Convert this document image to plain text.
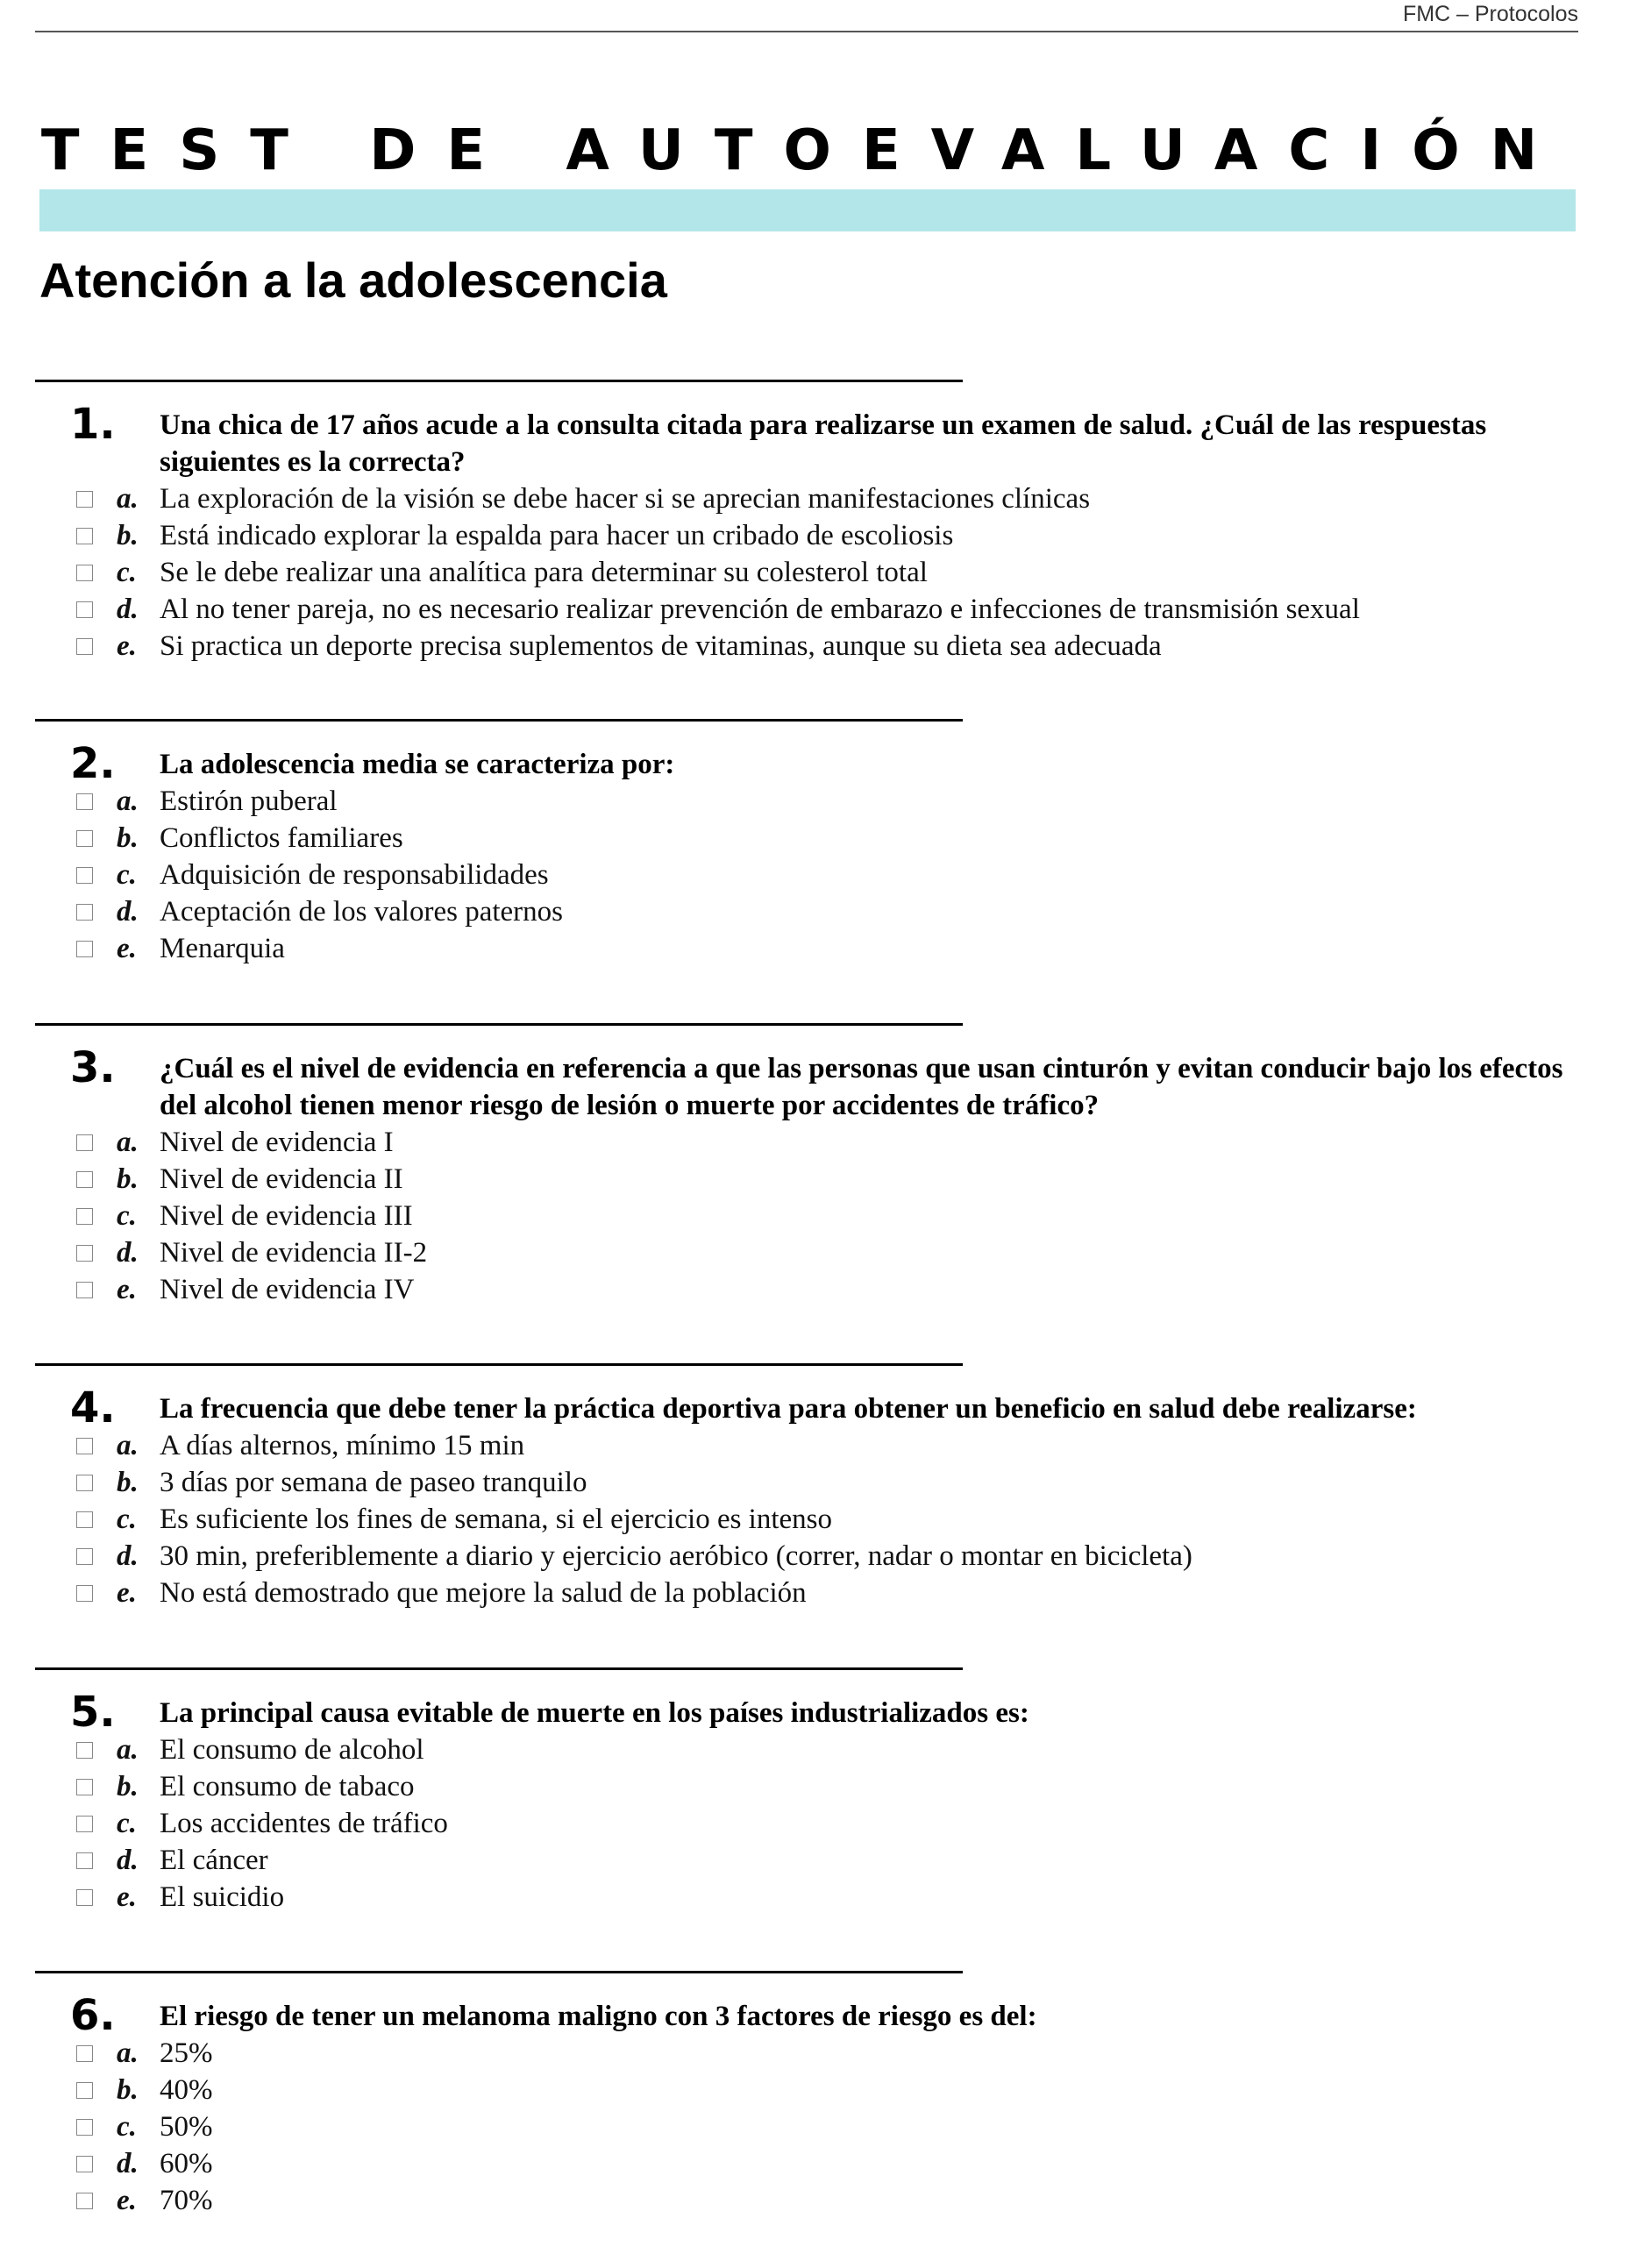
FMC – Protocolos
TEST DE AUTOEVALUACIÓN
Atención a la adolescencia
1.	Una chica de 17 años acude a la consulta citada para realizarse un examen de salud. ¿Cuál de las respuestas siguientes es la correcta?
a. La exploración de la visión se debe hacer si se aprecian manifestaciones clínicas
b. Está indicado explorar la espalda para hacer un cribado de escoliosis
c. Se le debe realizar una analítica para determinar su colesterol total
d. Al no tener pareja, no es necesario realizar prevención de embarazo e infecciones de transmisión sexual
e. Si practica un deporte precisa suplementos de vitaminas, aunque su dieta sea adecuada
2.	La adolescencia media se caracteriza por:
a. Estirón puberal
b. Conflictos familiares
c. Adquisición de responsabilidades
d. Aceptación de los valores paternos
e. Menarquia
3.	¿Cuál es el nivel de evidencia en referencia a que las personas que usan cinturón y evitan conducir bajo los efectos del alcohol tienen menor riesgo de lesión o muerte por accidentes de tráfico?
a. Nivel de evidencia I
b. Nivel de evidencia II
c. Nivel de evidencia III
d. Nivel de evidencia II-2
e. Nivel de evidencia IV
4.	La frecuencia que debe tener la práctica deportiva para obtener un beneficio en salud debe realizarse:
a. A días alternos, mínimo 15 min
b. 3 días por semana de paseo tranquilo
c. Es suficiente los fines de semana, si el ejercicio es intenso
d. 30 min, preferiblemente a diario y ejercicio aeróbico (correr, nadar o montar en bicicleta)
e. No está demostrado que mejore la salud de la población
5.	La principal causa evitable de muerte en los países industrializados es:
a. El consumo de alcohol
b. El consumo de tabaco
c. Los accidentes de tráfico
d. El cáncer
e. El suicidio
6.	El riesgo de tener un melanoma maligno con 3 factores de riesgo es del:
a. 25%
b. 40%
c. 50%
d. 60%
e. 70%
